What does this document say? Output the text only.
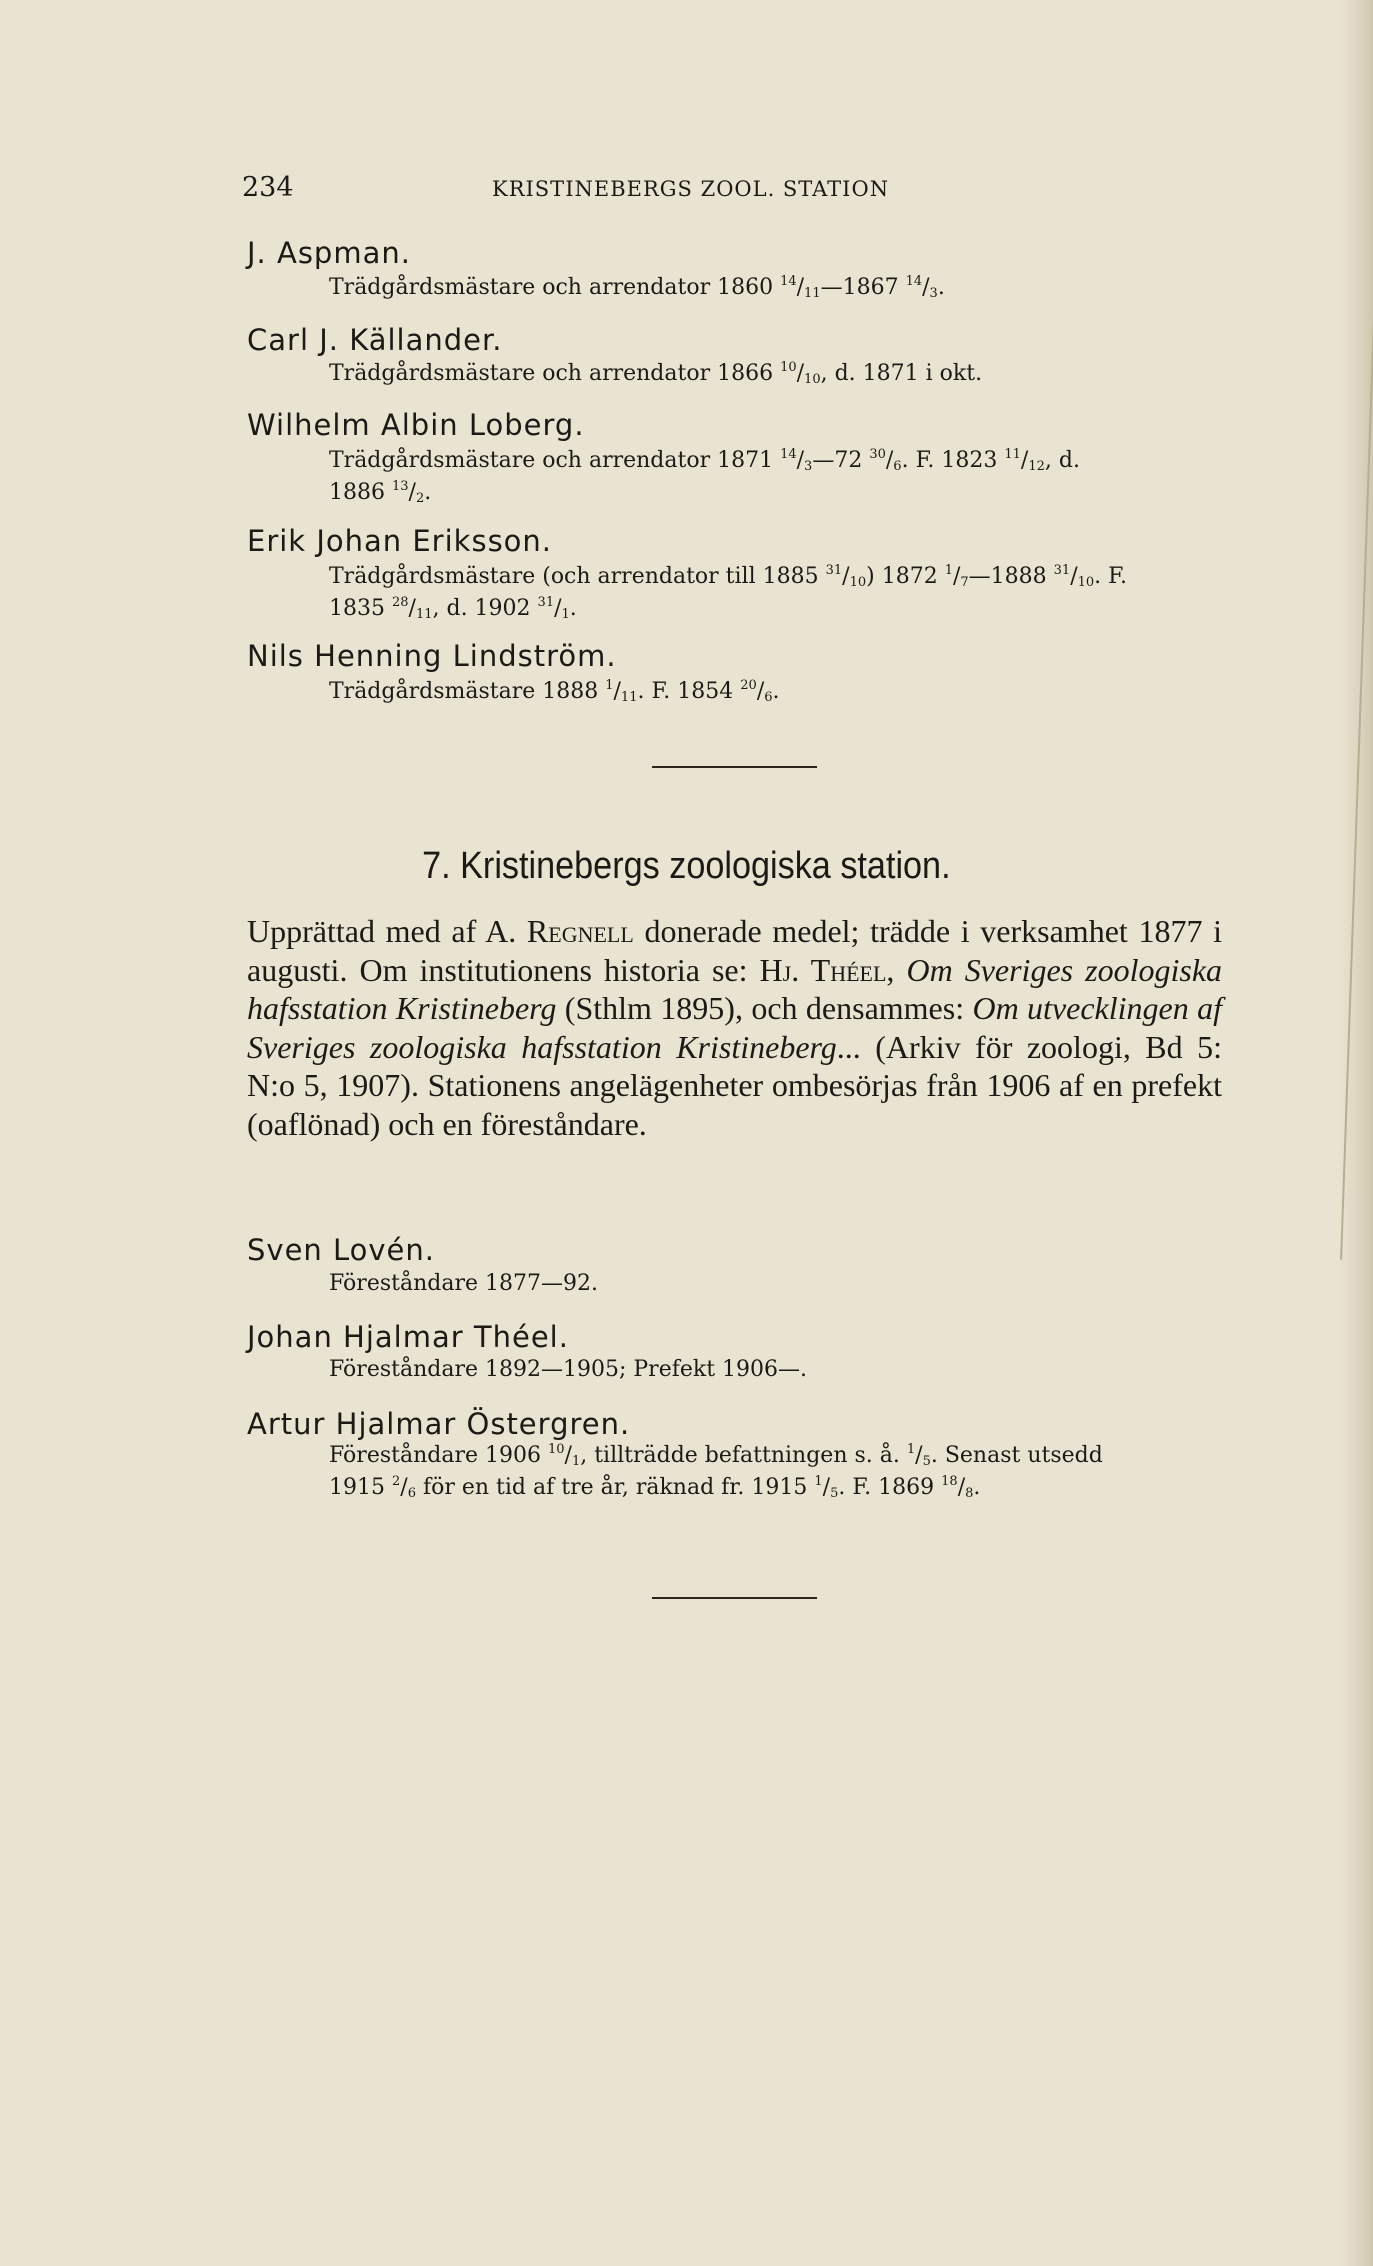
234	KRISTINEBERGS ZOOL. STATION
J. Aspman.
Trädgårdsmästare och arrendator 1860 $^{14}/_{11}—1867$ $^{14}/_3$.
Carl J. Källander.
Trädgårdsmästare och arrendator 1866 $^{10}/_{10}$, d. 1871 i okt.
Wilhelm Albin Loberg.
Trädgårdsmästare och arrendator 1871 $^{14}/_3—72$ $^{30}/_6$. F. 1823 $^{11}/_{12}$, d.
1886 $^{13}/_2$.
Erik Johan Eriksson.
Trädgårdsmästare (och arrendator till 1885 $^{31}/_{10}$) 1872 $^1/_7—1888$ $^{31}/_{10}$. F.
1835 $^{28}/_{11}$, d. 1902 $^{31}/_1$.
Nils Henning Lindström.
Trädgårdsmästare 1888 $^1/_{11}$. F. 1854 $^{20}/_6$.
7. Kristinebergs zoologiska station.
Upprättad med af A. Regnell donerade medel; trädde i verksamhet 1877 i augusti. Om institutionens historia se: Hj. Théel, Om Sveriges zoologiska hafsstation Kristineberg (Sthlm 1895), och densammes: Om utvecklingen af Sveriges zoologiska hafsstation Kristineberg... (Arkiv för zoologi, Bd 5: N:o 5, 1907). Stationens angelägenheter ombesörjas från 1906 af en prefekt (oaflönad) och en föreståndare.
Sven Lovén.
Föreståndare 1877—92.
Johan Hjalmar Théel.
Föreståndare 1892—1905; Prefekt 1906—.
Artur Hjalmar Östergren.
Föreståndare 1906 $^{10}/_1$, tillträdde befattningen s. å. $^1/_5$. Senast utsedd
1915 $^2/_6$ för en tid af tre år, räknad fr. 1915 $^1/_5$. F. 1869 $^{18}/_8$.
